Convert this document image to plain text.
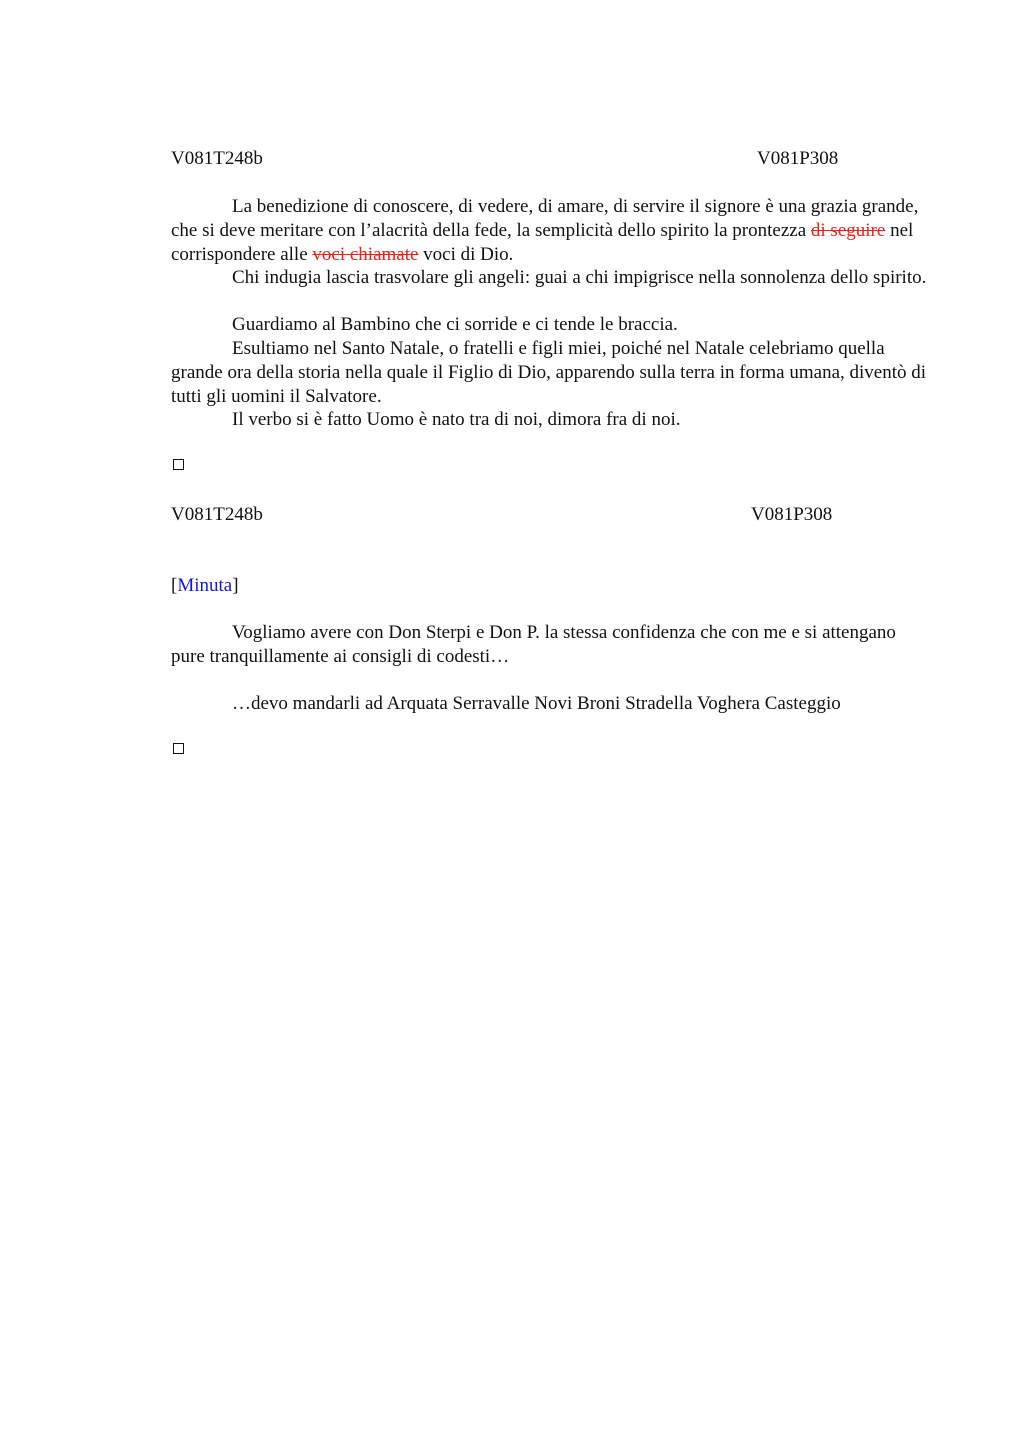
V081T248b	V081P308

La benedizione di conoscere, di vedere, di amare, di servire il signore è una grazia grande, che si deve meritare con l’alacrità della fede, la semplicità dello spirito la prontezza di seguire nel corrispondere alle voci chiamate voci di Dio.

Chi indugia lascia trasvolare gli angeli: guai a chi impigrisce nella sonnolenza dello spirito.

Guardiamo al Bambino che ci sorride e ci tende le braccia.

Esultiamo nel Santo Natale, o fratelli e figli miei, poiché nel Natale celebriamo quella grande ora della storia nella quale il Figlio di Dio, apparendo sulla terra in forma umana, diventò di tutti gli uomini il Salvatore.

Il verbo si è fatto Uomo è nato tra di noi, dimora fra di noi.

V081T248b	V081P308
[Minuta]

Vogliamo avere con Don Sterpi e Don P. la stessa confidenza che con me e si attengano pure tranquillamente ai consigli di codesti…

…devo mandarli ad Arquata Serravalle Novi Broni Stradella Voghera Casteggio
